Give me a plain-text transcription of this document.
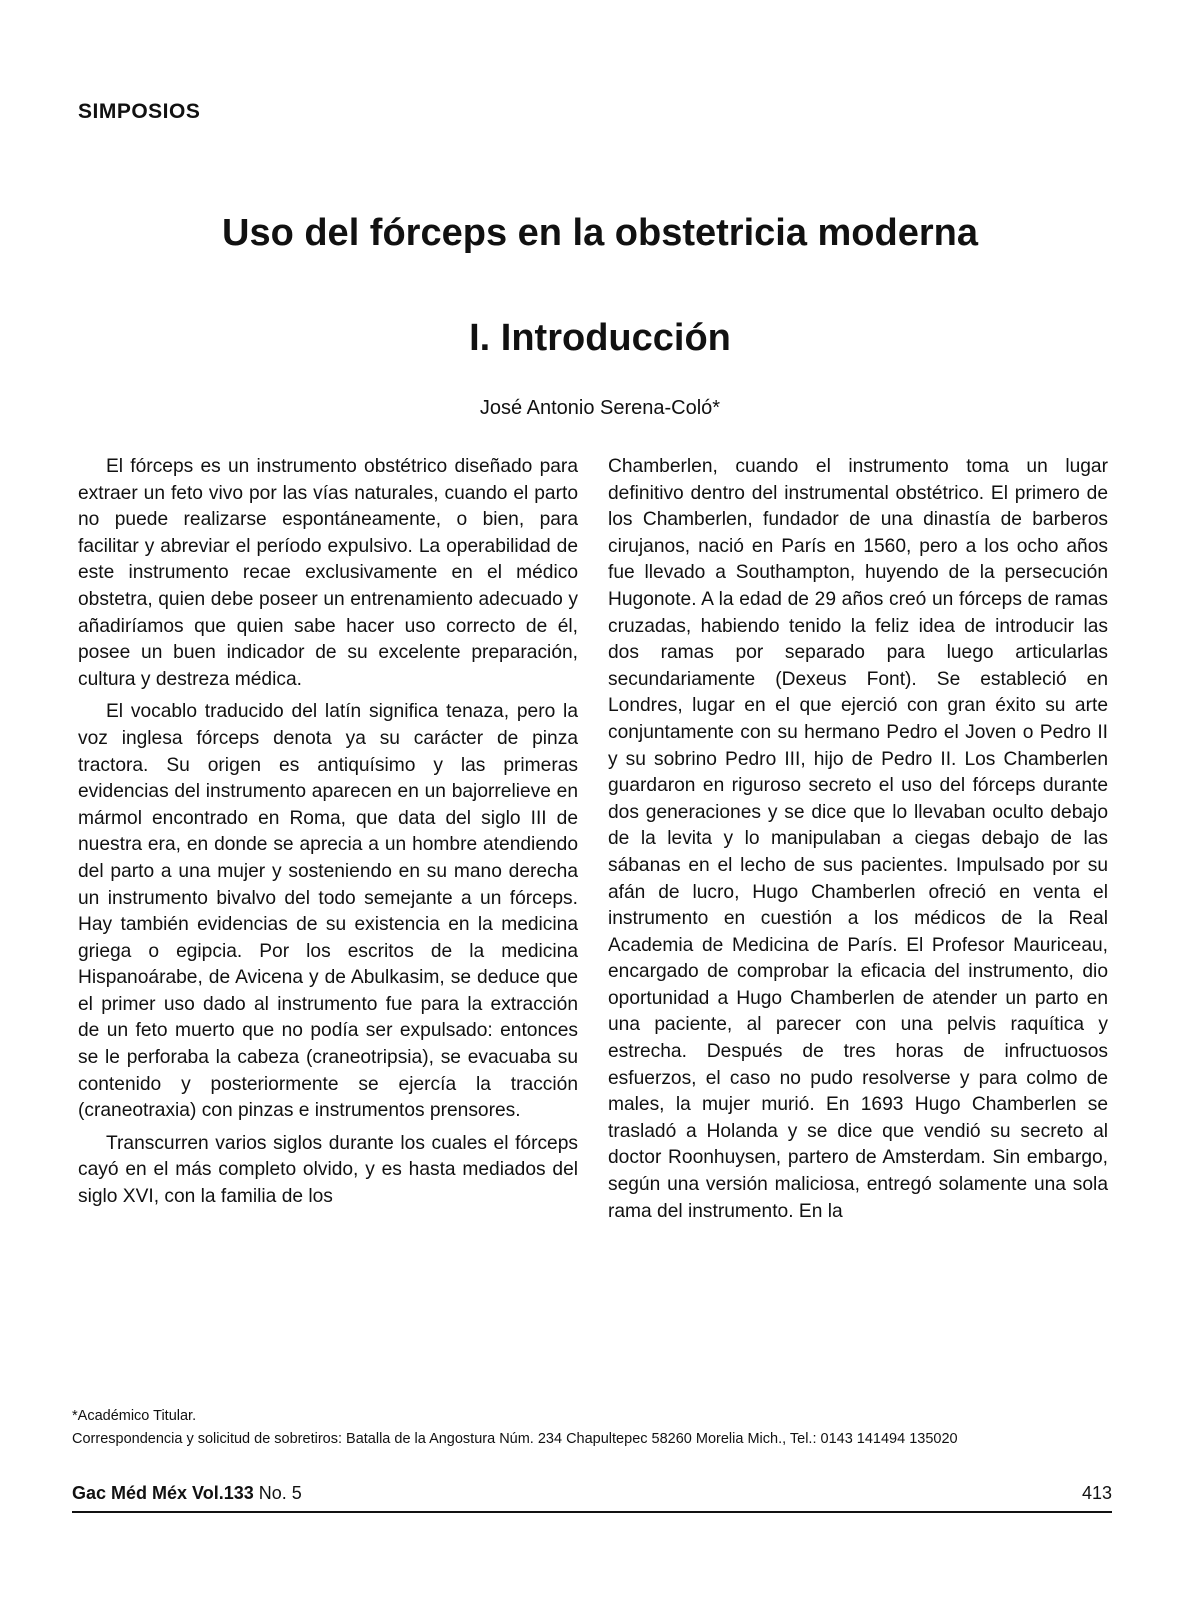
SIMPOSIOS
Uso del fórceps en la obstetricia moderna
I. Introducción
José Antonio Serena-Coló*

El fórceps es un instrumento obstétrico diseñado para extraer un feto vivo por las vías naturales, cuando el parto no puede realizarse espontáneamente, o bien, para facilitar y abreviar el período expulsivo. La operabilidad de este instrumento recae exclusivamente en el médico obstetra, quien debe poseer un entrenamiento adecuado y añadiríamos que quien sabe hacer uso correcto de él, posee un buen indicador de su excelente preparación, cultura y destreza médica.

El vocablo traducido del latín significa tenaza, pero la voz inglesa fórceps denota ya su carácter de pinza tractora. Su origen es antiquísimo y las primeras evidencias del instrumento aparecen en un bajorrelieve en mármol encontrado en Roma, que data del siglo III de nuestra era, en donde se aprecia a un hombre atendiendo del parto a una mujer y sosteniendo en su mano derecha un instrumento bivalvo del todo semejante a un fórceps. Hay también evidencias de su existencia en la medicina griega o egipcia. Por los escritos de la medicina Hispanoárabe, de Avicena y de Abulkasim, se deduce que el primer uso dado al instrumento fue para la extracción de un feto muerto que no podía ser expulsado: entonces se le perforaba la cabeza (craneotripsia), se evacuaba su contenido y posteriormente se ejercía la tracción (craneotraxia) con pinzas e instrumentos prensores.

Transcurren varios siglos durante los cuales el fórceps cayó en el más completo olvido, y es hasta mediados del siglo XVI, con la familia de los

Chamberlen, cuando el instrumento toma un lugar definitivo dentro del instrumental obstétrico. El primero de los Chamberlen, fundador de una dinastía de barberos cirujanos, nació en París en 1560, pero a los ocho años fue llevado a Southampton, huyendo de la persecución Hugonote. A la edad de 29 años creó un fórceps de ramas cruzadas, habiendo tenido la feliz idea de introducir las dos ramas por separado para luego articularlas secundariamente (Dexeus Font). Se estableció en Londres, lugar en el que ejerció con gran éxito su arte conjuntamente con su hermano Pedro el Joven o Pedro II y su sobrino Pedro III, hijo de Pedro II. Los Chamberlen guardaron en riguroso secreto el uso del fórceps durante dos generaciones y se dice que lo llevaban oculto debajo de la levita y lo manipulaban a ciegas debajo de las sábanas en el lecho de sus pacientes. Impulsado por su afán de lucro, Hugo Chamberlen ofreció en venta el instrumento en cuestión a los médicos de la Real Academia de Medicina de París. El Profesor Mauriceau, encargado de comprobar la eficacia del instrumento, dio oportunidad a Hugo Chamberlen de atender un parto en una paciente, al parecer con una pelvis raquítica y estrecha. Después de tres horas de infructuosos esfuerzos, el caso no pudo resolverse y para colmo de males, la mujer murió. En 1693 Hugo Chamberlen se trasladó a Holanda y se dice que vendió su secreto al doctor Roonhuysen, partero de Amsterdam. Sin embargo, según una versión maliciosa, entregó solamente una sola rama del instrumento. En la

*Académico Titular.
Correspondencia y solicitud de sobretiros: Batalla de la Angostura Núm. 234 Chapultepec 58260 Morelia Mich., Tel.: 0143 141494 135020
Gac Méd Méx Vol.133 No. 5	413
